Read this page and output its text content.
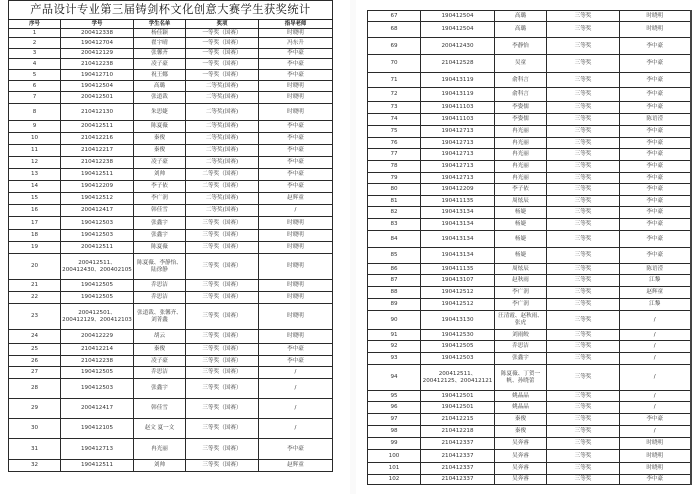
产品设计专业第三届铸剑杯文化创意大赛学生获奖统计				
序号	学号	学生名单	奖项	指导老师
1	200412338	杨佳颖	一等奖（国赛）	时晓明
2	190412704	翟宇晴	一等奖（国赛）	冯东升
3	200412129	张馨齐	一等奖（国赛）	李中豪
4	210412238	凌子豪	一等奖（国赛）	李中豪
5	190412710	祝王娜	一等奖（国赛）	李中豪
6	190412504	高璐	二等奖(国赛)	时晓明
7	200412501	张道裁	二等奖(国赛)	时晓明
8	210412130	朱思婕	二等奖(国赛)	时晓明
9	200412511	陈夏薇	二等奖(国赛)	李中豪
10	210412216	秦俊	二等奖(国赛)	李中豪
11	210412217	秦俊	二等奖(国赛)	李中豪
12	210412238	凌子豪	二等奖(国赛)	李中豪
13	190412511	刘帅	二等奖（国赛）	李中豪
14	190412209	李子依	二等奖（国赛）	李中豪
15	190412512	李广润	二等奖(国赛)	赵辉童
16	200412417	韩佳雪	二等奖(国赛)	/
17	190412503	张鑫宇	三等奖（国赛）	时晓明
18	190412503	张鑫宇	三等奖（国赛）	时晓明
19	200412511	陈夏薇	三等奖（国赛）	时晓明
20	200412511、200412430、200402105	陈夏薇、李静怡、陆徐静	三等奖（国赛）	时晓明
21	190412505	乔思洁	三等奖（国赛）	时晓明
22	190412505	乔思洁	三等奖（国赛）	时晓明
23	200412501、200412129、200412103	张道裁、张馨齐、刘菁鑫	三等奖（国赛）	时晓明
24	200412229	胡云	三等奖（国赛）	时晓明
25	210412214	秦俊	三等奖（国赛）	李中豪
26	210412238	凌子豪	三等奖（国赛）	李中豪
27	190412505	乔思洁	三等奖（国赛）	/
28	190412503	张鑫宇	三等奖（国赛）	/
29	200412417	韩佳雪	三等奖（国赛）	/
30	190412105	赵文 夏一文	三等奖（国赛）	/
31	190412713	冉光丽	三等奖（国赛）	李中豪
32	190412511	刘帅	三等奖（国赛）	赵辉童
67	190412504	高璐	三等奖	时晓明
68	190412504	高璐	三等奖	时晓明
69	200412430	李静怡	三等奖	李中豪
70	210412528	吴童	三等奖	李中豪
71	190413119	俞科言	三等奖	李中豪
72	190413119	俞科言	三等奖	李中豪
73	190411103	李姿儒	三等奖	李中豪
74	190411103	李姿儒	三等奖	陈语滢
75	190412713	冉光丽	三等奖	李中豪
76	190412713	冉光丽	三等奖	李中豪
77	190412713	冉光丽	三等奖	李中豪
78	190412713	冉光丽	三等奖	李中豪
79	190412713	冉光丽	三等奖	李中豪
80	190412209	李子依	三等奖	李中豪
81	190411135	周炫辰	三等奖	李中豪
82	190413134	杨婕	三等奖	李中豪
83	190413134	杨婕	三等奖	李中豪
84	190413134	杨婕	三等奖	李中豪
85	190413134	杨婕	三等奖	李中豪
86	190411135	周炫辰	三等奖	陈语滢
87	190413107	赵秋雨	三等奖	江黎
88	190412512	李广润	三等奖	赵辉童
89	190412512	李广润	三等奖	江黎
90	190413130	汪清霞、赵秋雨、张虎	三等奖	/
91	190412530	刘雨鲛	三等奖	/
92	190412505	乔思洁	三等奖	/
93	190412503	张鑫宇	三等奖	/
94	200412511、200412125、200412121	陈夏薇、丁贺一帆、孙晓蕾	三等奖	/
95	190412501	姚晶晶	三等奖	/
96	190412501	姚晶晶	三等奖	/
97	210412215	秦俊	三等奖	李中豪
98	210412218	秦俊	三等奖	/
99	210412337	吴奔睿	三等奖	时晓明
100	210412337	吴奔睿	三等奖	时晓明
101	210412337	吴奔睿	三等奖	时晓明
102	210412337	吴奔睿	三等奖	李中豪
